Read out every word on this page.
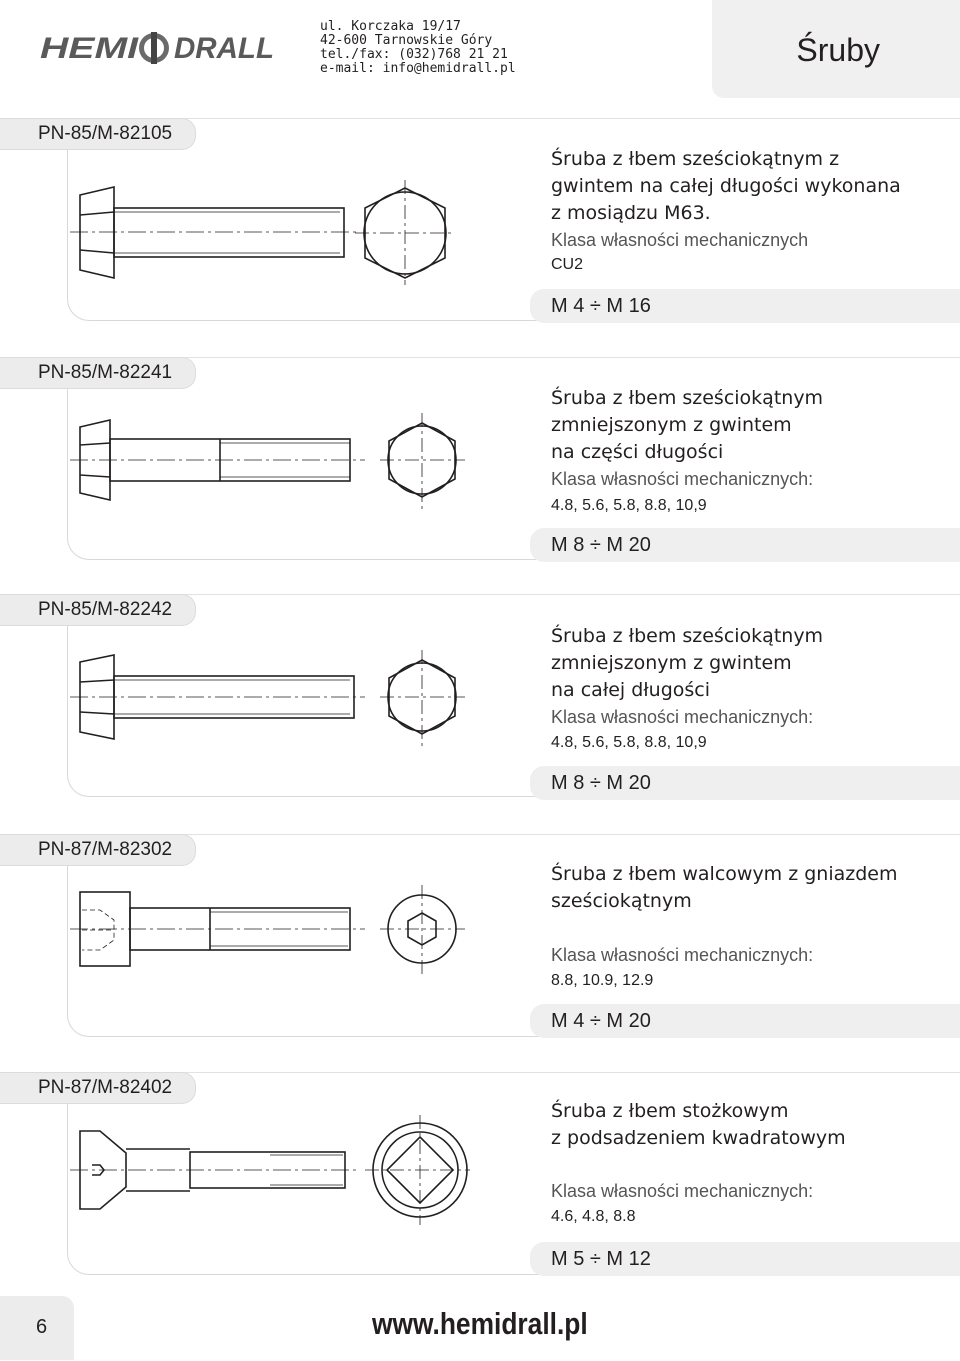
HEMI DRALL
ul. Korczaka 19/17
42-600 Tarnowskie Góry
tel./fax: (032)768 21 21
e-mail: info@hemidrall.pl
Śruby
PN-85/M-82105
Śruba z łbem sześciokątnym z
gwintem na całej długości wykonana
z mosiądzu M63.
Klasa własności mechanicznych
CU2
M 4 ÷ M 16
PN-85/M-82241
Śruba z łbem sześciokątnym
zmniejszonym z gwintem
na części długości
Klasa własności mechanicznych:
4.8, 5.6, 5.8, 8.8, 10,9
M 8 ÷ M 20
PN-85/M-82242
Śruba z łbem sześciokątnym
zmniejszonym z gwintem
na całej długości
Klasa własności mechanicznych:
4.8, 5.6, 5.8, 8.8, 10,9
M 8 ÷ M 20
PN-87/M-82302
Śruba z łbem walcowym z gniazdem
sześciokątnym
Klasa własności mechanicznych:
8.8, 10.9, 12.9
M 4 ÷ M 20
PN-87/M-82402
Śruba z łbem stożkowym
z podsadzeniem kwadratowym
Klasa własności mechanicznych:
4.6, 4.8, 8.8
M 5 ÷ M 12
6	www.hemidrall.pl
